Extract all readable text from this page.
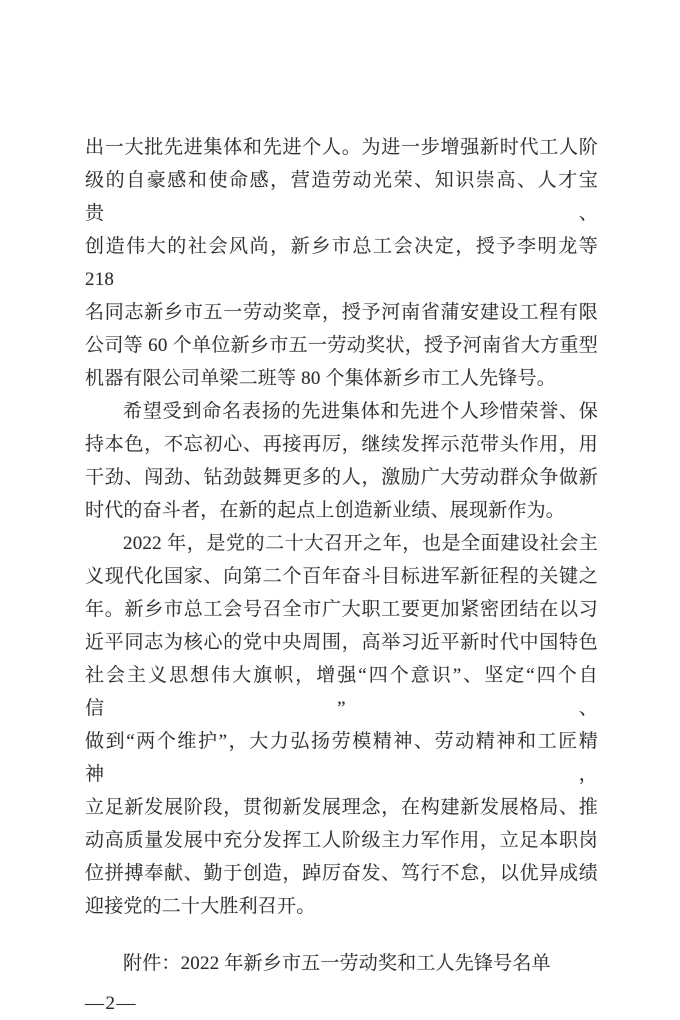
出一大批先进集体和先进个人。为进一步增强新时代工人阶
级的自豪感和使命感，营造劳动光荣、知识崇高、人才宝贵、
创造伟大的社会风尚，新乡市总工会决定，授予李明龙等 218
名同志新乡市五一劳动奖章，授予河南省蒲安建设工程有限
公司等 60 个单位新乡市五一劳动奖状，授予河南省大方重型
机器有限公司单梁二班等 80 个集体新乡市工人先锋号。
希望受到命名表扬的先进集体和先进个人珍惜荣誉、保
持本色，不忘初心、再接再厉，继续发挥示范带头作用，用
干劲、闯劲、钻劲鼓舞更多的人，激励广大劳动群众争做新
时代的奋斗者，在新的起点上创造新业绩、展现新作为。
2022 年，是党的二十大召开之年，也是全面建设社会主
义现代化国家、向第二个百年奋斗目标进军新征程的关键之
年。新乡市总工会号召全市广大职工要更加紧密团结在以习
近平同志为核心的党中央周围，高举习近平新时代中国特色
社会主义思想伟大旗帜，增强“四个意识”、坚定“四个自信”、
做到“两个维护”，大力弘扬劳模精神、劳动精神和工匠精神，
立足新发展阶段，贯彻新发展理念，在构建新发展格局、推
动高质量发展中充分发挥工人阶级主力军作用，立足本职岗
位拼搏奉献、勤于创造，踔厉奋发、笃行不怠，以优异成绩
迎接党的二十大胜利召开。
附件：2022 年新乡市五一劳动奖和工人先锋号名单
—2—
